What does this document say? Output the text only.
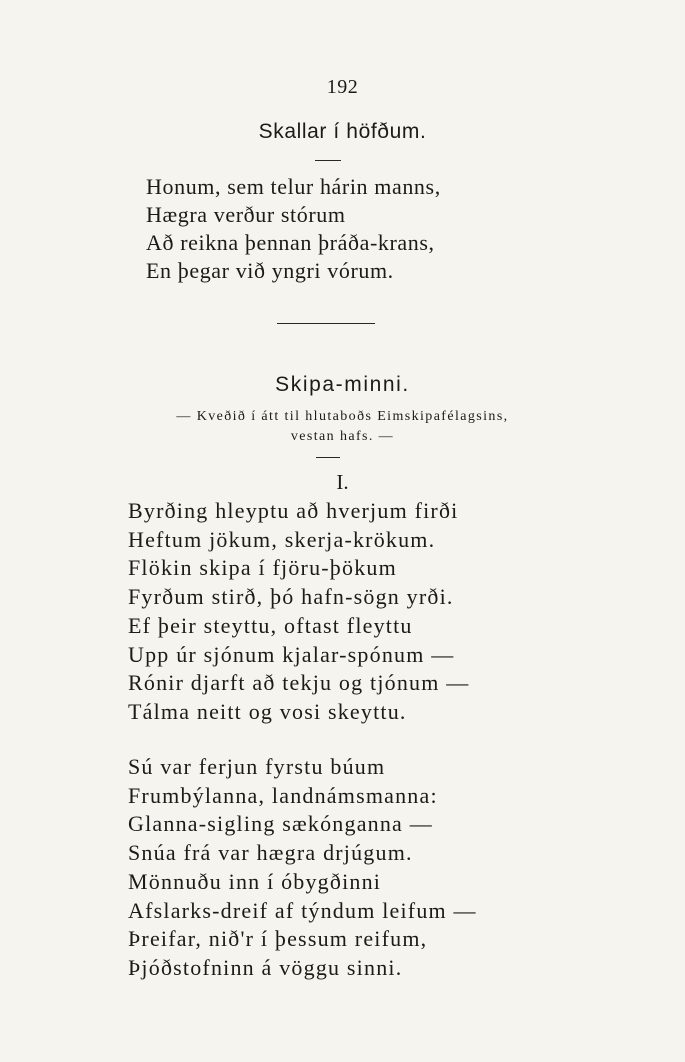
192
Skallar í höfðum.
Honum, sem telur hárin manns,
Hægra verður stórum
Að reikna þennan þráða-krans,
En þegar við yngri vórum.
Skipa-minni.
— Kveðið í átt til hlutaboðs Eimskipafélagsins,
vestan hafs. —
I.
Byrðing hleyptu að hverjum firði
Heftum jökum, skerja-krökum.
Flökin skipa í fjöru-þökum
Fyrðum stirð, þó hafn-sögn yrði.
Ef þeir steyttu, oftast fleyttu
Upp úr sjónum kjalar-spónum —
Rónir djarft að tekju og tjónum —
Tálma neitt og vosi skeyttu.
Sú var ferjun fyrstu búum
Frumbýlanna, landnámsmanna:
Glanna-sigling sækónganna —
Snúa frá var hægra drjúgum.
Mönnuðu inn í óbygðinni
Afslarks-dreif af týndum leifum —
Þreifar, nið'r í þessum reifum,
Þjóðstofninn á vöggu sinni.
